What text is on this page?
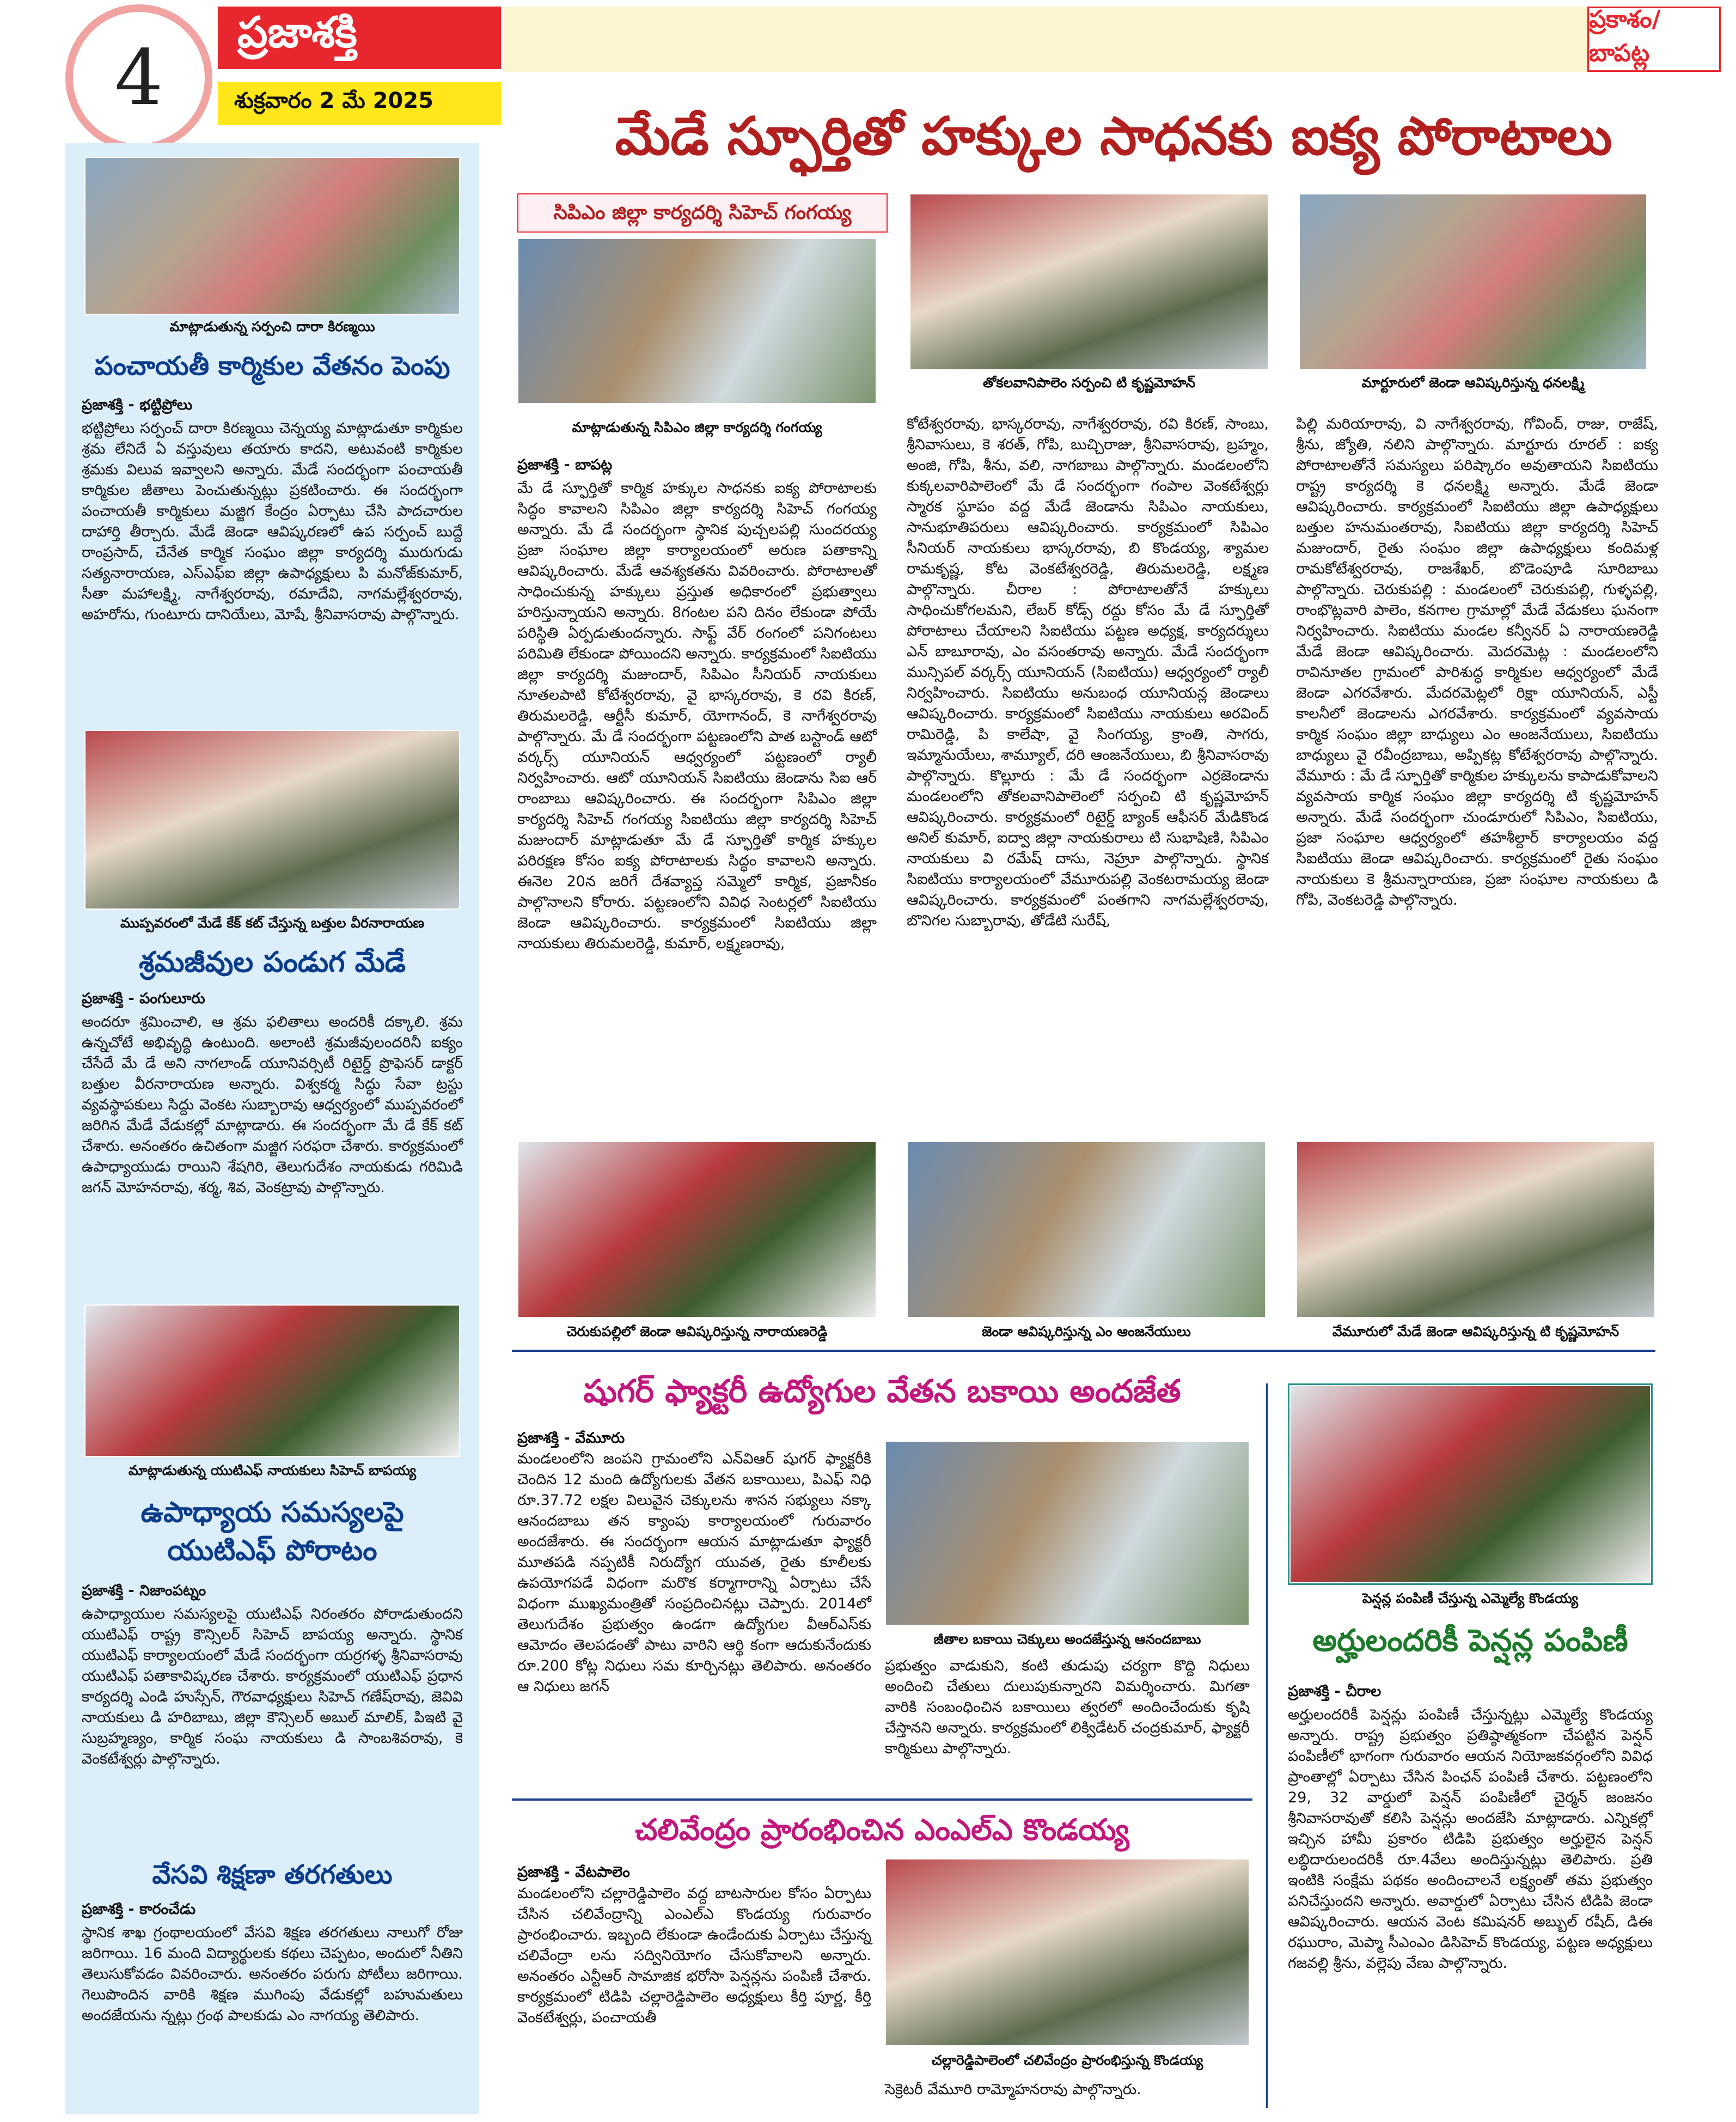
4
ప్రజాశక్తి
శుక్రవారం 2 మే 2025
ప్రకాశం/బాపట్ల
మేడే స్ఫూర్తితో హక్కుల సాధనకు ఐక్య పోరాటాలు
మాట్లాడుతున్న సర్పంచి దారా కిరణ్మయి
పంచాయతీ కార్మికుల వేతనం పెంపు
ప్రజాశక్తి - భట్టిప్రోలు
భట్టిప్రోలు సర్పంచ్ దారా కిరణ్మయి చెన్నయ్య మాట్లాడుతూ కార్మికుల శ్రమ లేనిదే ఏ వస్తువులు తయారు కాదని, అటువంటి కార్మికుల శ్రమకు విలువ ఇవ్వాలని అన్నారు. మేడే సందర్భంగా పంచాయతీ కార్మికుల జీతాలు పెంచుతున్నట్లు ప్రకటించారు. ఈ సందర్భంగా పంచాయతీ కార్మికులు మజ్జిగ కేంద్రం ఏర్పాటు చేసి పాదచారుల దాహార్తి తీర్చారు. మేడే జెండా ఆవిష్కరణలో ఉప సర్పంచ్ బుద్దే రాంప్రసాద్, చేనేత కార్మిక సంఘం జిల్లా కార్యదర్శి మురుగుడు సత్యనారాయణ, ఎస్ఎఫ్ఐ జిల్లా ఉపాధ్యక్షులు పి మనోజ్‌కుమార్, సీతా మహాలక్ష్మి, నాగేశ్వరరావు, రమాదేవి, నాగమల్లేశ్వరరావు, అహరోను, గుంటూరు దానియేలు, మోషే, శ్రీనివాసరావు పాల్గొన్నారు.
ముప్పవరంలో మేడే కేక్ కట్ చేస్తున్న బత్తుల వీరనారాయణ
శ్రమజీవుల పండుగ మేడే
ప్రజాశక్తి - పంగులూరు
అందరూ శ్రమించాలి, ఆ శ్రమ ఫలితాలు అందరికీ దక్కాలి. శ్రమ ఉన్నచోటే అభివృద్ధి ఉంటుంది. అలాంటి శ్రమజీవులందరినీ ఐక్యం చేసేదే మే డే అని నాగలాండ్ యూనివర్సిటీ రిటైర్డ్ ప్రొఫెసర్ డాక్టర్ బత్తుల వీరనారాయణ అన్నారు. విశ్వకర్మ సిద్ధు సేవా ట్రస్టు వ్యవస్థాపకులు సిద్దు వెంకట సుబ్బారావు ఆధ్వర్యంలో ముప్పవరంలో జరిగిన మేడే వేడుకల్లో మాట్లాడారు. ఈ సందర్భంగా మే డే కేక్ కట్ చేశారు. అనంతరం ఉచితంగా మజ్జిగ సరఫరా చేశారు. కార్యక్రమంలో ఉపాధ్యాయుడు రాయిని శేషగిరి, తెలుగుదేశం నాయకుడు గరిమిడి జగన్ మోహనరావు, శర్మ, శివ, వెంకట్రావు పాల్గొన్నారు.
మాట్లాడుతున్న యుటిఎఫ్ నాయకులు సిహెచ్ బాపయ్య
ఉపాధ్యాయ సమస్యలపై
యుటిఎఫ్ పోరాటం
ప్రజాశక్తి - నిజాంపట్నం
ఉపాధ్యాయుల సమస్యలపై యుటిఎఫ్ నిరంతరం పోరాడుతుందని యుటిఎఫ్ రాష్ట్ర కౌన్సిలర్ సిహెచ్ బాపయ్య అన్నారు. స్థానిక యుటిఎఫ్ కార్యాలయంలో మేడే సందర్భంగా యర్రగళ్ళ శ్రీనివాసరావు యుటిఎఫ్ పతాకావిష్కరణ చేశారు. కార్యక్రమంలో యుటిఎఫ్ ప్రధాన కార్యదర్శి ఎండి హుస్సేన్, గౌరవాధ్యక్షులు సిహెచ్ గణేష్‌రావు, జెవివి నాయకులు డి హరిబాబు, జిల్లా కౌన్సిలర్ అబుల్ మాలిక్, పిఇటి వై సుబ్రహ్మణ్యం, కార్మిక సంఘ నాయకులు డి సాంబశివరావు, కె వెంకటేశ్వర్లు పాల్గొన్నారు.
వేసవి శిక్షణా తరగతులు
ప్రజాశక్తి - కారంచేడు
స్థానిక శాఖ గ్రంథాలయంలో వేసవి శిక్షణ తరగతులు నాలుగో రోజు జరిగాయి. 16 మంది విద్యార్థులకు కథలు చెప్పటం, అందులో నీతిని తెలుసుకోవడం వివరించారు. అనంతరం పరుగు పోటీలు జరిగాయి. గెలుపొందిన వారికి శిక్షణ ముగింపు వేడుకల్లో బహుమతులు అందజేయను న్నట్లు గ్రంథ పాలకుడు ఎం నాగయ్య తెలిపారు.
సిపిఎం జిల్లా కార్యదర్శి సిహెచ్ గంగయ్య
మాట్లాడుతున్న సిపిఎం జిల్లా కార్యదర్శి గంగయ్య
తోకలవానిపాలెం సర్పంచి టి కృష్ణమోహన్	మార్టూరులో జెండా ఆవిష్కరిస్తున్న ధనలక్ష్మి
ప్రజాశక్తి - బాపట్ల
మే డే స్ఫూర్తితో కార్మిక హక్కుల సాధనకు ఐక్య పోరాటాలకు సిద్ధం కావాలని సిపిఎం జిల్లా కార్యదర్శి సిహెచ్ గంగయ్య అన్నారు. మే డే సందర్భంగా స్థానిక పుచ్చలపల్లి సుందరయ్య ప్రజా సంఘాల జిల్లా కార్యాలయంలో అరుణ పతాకాన్ని ఆవిష్కరించారు. మేడే ఆవశ్యకతను వివరించారు. పోరాటాలతో సాధించుకున్న హక్కులు ప్రస్తుత అధికారంలో ప్రభుత్వాలు హరిస్తున్నాయని అన్నారు. 8గంటల పని దినం లేకుండా పోయే పరిస్థితి ఏర్పడుతుందన్నారు. సాఫ్ట్ వేర్ రంగంలో పనిగంటలు పరిమితి లేకుండా పోయిందని అన్నారు. కార్యక్రమంలో సిఐటియు జిల్లా కార్యదర్శి మజుందార్, సిపిఎం సీనియర్ నాయకులు నూతలపాటి కోటేశ్వరరావు, వై భాస్కరరావు, కె రవి కిరణ్, తిరుమలరెడ్డి, ఆర్టీసీ కుమార్, యోగానంద్, కె నాగేశ్వరరావు పాల్గొన్నారు. మే డే సందర్భంగా పట్టణంలోని పాత బస్టాండ్ ఆటో వర్కర్స్ యూనియన్ ఆధ్వర్యంలో పట్టణంలో ర్యాలీ నిర్వహించారు. ఆటో యూనియన్ సిఐటియు జెండాను సిఐ ఆర్ రాంబాబు ఆవిష్కరించారు. ఈ సందర్భంగా సిపిఎం జిల్లా కార్యదర్శి సిహెచ్ గంగయ్య సిఐటియు జిల్లా కార్యదర్శి సిహెచ్ మజుందార్ మాట్లాడుతూ మే డే స్ఫూర్తితో కార్మిక హక్కుల పరిరక్షణ కోసం ఐక్య పోరాటాలకు సిద్ధం కావాలని అన్నారు. ఈనెల 20న జరిగే దేశవ్యాప్త సమ్మెలో కార్మిక, ప్రజానీకం పాల్గొనాలని కోరారు. పట్టణంలోని వివిధ సెంటర్లలో సిఐటియు జెండా ఆవిష్కరించారు. కార్యక్రమంలో సిఐటియు జిల్లా నాయకులు తిరుమలరెడ్డి, కుమార్, లక్ష్మణరావు,
కోటేశ్వరరావు, భాస్కరరావు, నాగేశ్వరరావు, రవి కిరణ్, సాంబు, శ్రీనివాసులు, కె శరత్, గోపి, బుచ్చిరాజు, శ్రీనివాసరావు, బ్రహ్మం, అంజి, గోపి, శీను, వలి, నాగబాబు పాల్గొన్నారు. మండలంలోని కుక్కలవారిపాలెంలో మే డే సందర్భంగా గంపాల వెంకటేశ్వర్లు స్మారక స్థూపం వద్ద మేడే జెండాను సిపిఎం నాయకులు, సానుభూతిపరులు ఆవిష్కరించారు. కార్యక్రమంలో సిపిఎం సీనియర్ నాయకులు భాస్కరరావు, బి కొండయ్య, శ్యామల రామకృష్ణ, కోట వెంకటేశ్వరరెడ్డి, తిరుమలరెడ్డి, లక్ష్మణ పాల్గొన్నారు. చీరాల : పోరాటాలతోనే హక్కులు సాధించుకోగలమని, లేబర్ కోడ్స్ రద్దు కోసం మే డే స్ఫూర్తితో పోరాటాలు చేయాలని సిఐటియు పట్టణ అధ్యక్ష, కార్యదర్శులు ఎన్ బాబూరావు, ఎం వసంతరావు అన్నారు. మేడే సందర్భంగా మున్సిపల్ వర్కర్స్ యూనియన్ (సిఐటియు) ఆధ్వర్యంలో ర్యాలీ నిర్వహించారు. సిఐటియు అనుబంధ యూనియన్ల జెండాలు ఆవిష్కరించారు. కార్యక్రమంలో సిఐటియు నాయకులు అరవింద్ రామిరెడ్డి, పి కాలేషా, వై సింగయ్య, క్రాంతి, సాగరు, ఇమ్మానుయేలు, శామ్యూల్, దరి ఆంజనేయులు, బి శ్రీనివాసరావు పాల్గొన్నారు. కొల్లూరు : మే డే సందర్భంగా ఎర్రజెండాను మండలంలోని తోకలవానిపాలెంలో సర్పంచి టి కృష్ణమోహన్ ఆవిష్కరించారు. కార్యక్రమంలో రిటైర్డ్ బ్యాంక్ ఆఫీసర్ మేడికొండ అనిల్ కుమార్, ఐద్వా జిల్లా నాయకురాలు టి సుభాషిణి, సిపిఎం నాయకులు వి రమేష్ దాసు, నెహ్రూ పాల్గొన్నారు. స్థానిక సిఐటియు కార్యాలయంలో వేమూరుపల్లి వెంకటరామయ్య జెండా ఆవిష్కరించారు. కార్యక్రమంలో పంతగాని నాగమల్లేశ్వరరావు, బొనిగల సుబ్బారావు, తోడేటి సురేష్,
పిల్లి మరియారావు, వి నాగేశ్వరరావు, గోవింద్, రాజు, రాజేష్, శ్రీను, జ్యోతి, నలిని పాల్గొన్నారు. మార్టూరు రూరల్ : ఐక్య పోరాటాలతోనే సమస్యలు పరిష్కారం అవుతాయని సిఐటియు రాష్ట్ర కార్యదర్శి కె ధనలక్ష్మి అన్నారు. మేడే జెండా ఆవిష్కరించారు. కార్యక్రమంలో సిఐటియు జిల్లా ఉపాధ్యక్షులు బత్తుల హనుమంతరావు, సిఐటియు జిల్లా కార్యదర్శి సిహెచ్ మజుందార్, రైతు సంఘం జిల్లా ఉపాధ్యక్షులు కందిమళ్ల రామకోటేశ్వరరావు, రాజశేఖర్, బొడెంపూడి సూరిబాబు పాల్గొన్నారు. చెరుకుపల్లి : మండలంలో చెరుకుపల్లి, గుళ్ళపల్లి, రాంభొట్లవారి పాలెం, కనగాల గ్రామాల్లో మేడే వేడుకలు ఘనంగా నిర్వహించారు. సిఐటియు మండల కన్వీనర్ ఏ నారాయణరెడ్డి మేడే జెండా ఆవిష్కరించారు. మెదరమెట్ల : మండలంలోని రావినూతల గ్రామంలో పారిశుద్ధ కార్మికుల ఆధ్వర్యంలో మేడే జెండా ఎగరవేశారు. మేదరమెట్లలో రిక్షా యూనియన్, ఎస్టీ కాలనీలో జెండాలను ఎగరవేశారు. కార్యక్రమంలో వ్యవసాయ కార్మిక సంఘం జిల్లా బాధ్యులు ఎం ఆంజనేయులు, సిఐటియు బాధ్యులు వై రవీంద్రబాబు, అప్పికట్ల కోటేశ్వరరావు పాల్గొన్నారు. వేమూరు : మే డే స్ఫూర్తితో కార్మికుల హక్కులను కాపాడుకోవాలని వ్యవసాయ కార్మిక సంఘం జిల్లా కార్యదర్శి టి కృష్ణమోహన్ అన్నారు. మేడే సందర్భంగా చుండూరులో సిపిఎం, సిఐటియు, ప్రజా సంఘాల ఆధ్వర్యంలో తహశీల్దార్ కార్యాలయం వద్ద సిఐటియు జెండా ఆవిష్కరించారు. కార్యక్రమంలో రైతు సంఘం నాయకులు కె శ్రీమన్నారాయణ, ప్రజా సంఘాల నాయకులు డి గోపి, వెంకటరెడ్డి పాల్గొన్నారు.
చెరుకుపల్లిలో జెండా ఆవిష్కరిస్తున్న నారాయణరెడ్డి	జెండా ఆవిష్కరిస్తున్న ఎం ఆంజనేయులు	వేమూరులో మేడే జెండా ఆవిష్కరిస్తున్న టి కృష్ణమోహన్
షుగర్ ఫ్యాక్టరీ ఉద్యోగుల వేతన బకాయి అందజేత
ప్రజాశక్తి - వేమూరు
మండలంలోని జంపని గ్రామంలోని ఎన్‌విఆర్ షుగర్ ఫ్యాక్టరీకి చెందిన 12 మంది ఉద్యోగులకు వేతన బకాయిలు, పిఎఫ్ నిధి రూ.37.72 లక్షల విలువైన చెక్కులను శాసన సభ్యులు నక్కా ఆనందబాబు తన క్యాంపు కార్యాలయంలో గురువారం అందజేశారు. ఈ సందర్భంగా ఆయన మాట్లాడుతూ ఫ్యాక్టరీ మూతపడి నప్పటికీ నిరుద్యోగ యువత, రైతు కూలీలకు ఉపయోగపడే విధంగా మరొక కర్మాగారాన్ని ఏర్పాటు చేసే విధంగా ముఖ్యమంత్రితో సంప్రదించినట్లు చెప్పారు. 2014లో తెలుగుదేశం ప్రభుత్వం ఉండగా ఉద్యోగుల వీఆర్ఎస్‌కు ఆమోదం తెలపడంతో పాటు వారిని ఆర్థి కంగా ఆదుకునేందుకు రూ.200 కోట్ల నిధులు సమ కూర్చినట్లు తెలిపారు. అనంతరం ఆ నిధులు జగన్
జీతాల బకాయి చెక్కులు అందజేస్తున్న ఆనందబాబు
ప్రభుత్వం వాడుకుని, కంటి తుడుపు చర్యగా కొద్ది నిధులు అందించి చేతులు దులుపుకున్నారని విమర్శించారు. మిగతా వారికి సంబంధించిన బకాయిలు త్వరలో అందించేందుకు కృషి చేస్తానని అన్నారు. కార్యక్రమంలో లిక్విడేటర్ చంద్రకుమార్, ఫ్యాక్టరీ కార్మికులు పాల్గొన్నారు.
చలివేంద్రం ప్రారంభించిన ఎంఎల్ఎ కొండయ్య
ప్రజాశక్తి - వేటపాలెం
మండలంలోని చల్లారెడ్డిపాలెం వద్ద బాటసారుల కోసం ఏర్పాటు చేసిన చలివేంద్రాన్ని ఎంఎల్ఎ కొండయ్య గురువారం ప్రారంభించారు. ఇబ్బంది లేకుండా ఉండేందుకు ఏర్పాటు చేస్తున్న చలివేంద్రా లను సద్వినియోగం చేసుకోవాలని అన్నారు. అనంతరం ఎన్టీఆర్ సామాజిక భరోసా పెన్షన్లను పంపిణీ చేశారు. కార్యక్రమంలో టిడిపి చల్లారెడ్డిపాలెం అధ్యక్షులు కీర్తి పూర్ణ, కీర్తి వెంకటేశ్వర్లు, పంచాయతీ
చల్లారెడ్డిపాలెంలో చలివేంద్రం ప్రారంభిస్తున్న కొండయ్య
సెక్రెటరీ వేమూరి రామ్మోహనరావు పాల్గొన్నారు.
పెన్షన్ల పంపిణీ చేస్తున్న ఎమ్మెల్యే కొండయ్య
అర్హులందరికీ పెన్షన్ల పంపిణీ
ప్రజాశక్తి - చీరాల
అర్హులందరికీ పెన్షన్లు పంపిణీ చేస్తున్నట్లు ఎమ్మెల్యే కొండయ్య అన్నారు. రాష్ట్ర ప్రభుత్వం ప్రతిష్ఠాత్మకంగా చేపట్టిన పెన్షన్ పంపిణీలో భాగంగా గురువారం ఆయన నియోజకవర్గంలోని వివిధ ప్రాంతాల్లో ఏర్పాటు చేసిన పింఛన్ పంపిణీ చేశారు. పట్టణంలోని 29, 32 వార్డులో పెన్షన్ పంపిణీలో చైర్మన్ జంజనం శ్రీనివాసరావుతో కలిసి పెన్షన్లు అందజేసి మాట్లాడారు. ఎన్నికల్లో ఇచ్చిన హామీ ప్రకారం టిడిపి ప్రభుత్వం అర్హులైన పెన్షన్ లబ్ధిదారులందరికీ రూ.4వేలు అందిస్తున్నట్లు తెలిపారు. ప్రతి ఇంటికి సంక్షేమ పథకం అందించాలనే లక్ష్యంతో తమ ప్రభుత్వం పనిచేస్తుందని అన్నారు. అవార్డులో ఏర్పాటు చేసిన టిడిపి జెండా ఆవిష్కరించారు. ఆయన వెంట కమిషనర్ అబ్బుల్ రషీద్, డిఈ రఘురాం, మెప్మా సీఎంఎం డిసిహెచ్ కొండయ్య, పట్టణ అధ్యక్షులు గజవల్లి శ్రీను, వల్లెపు వేణు పాల్గొన్నారు.
